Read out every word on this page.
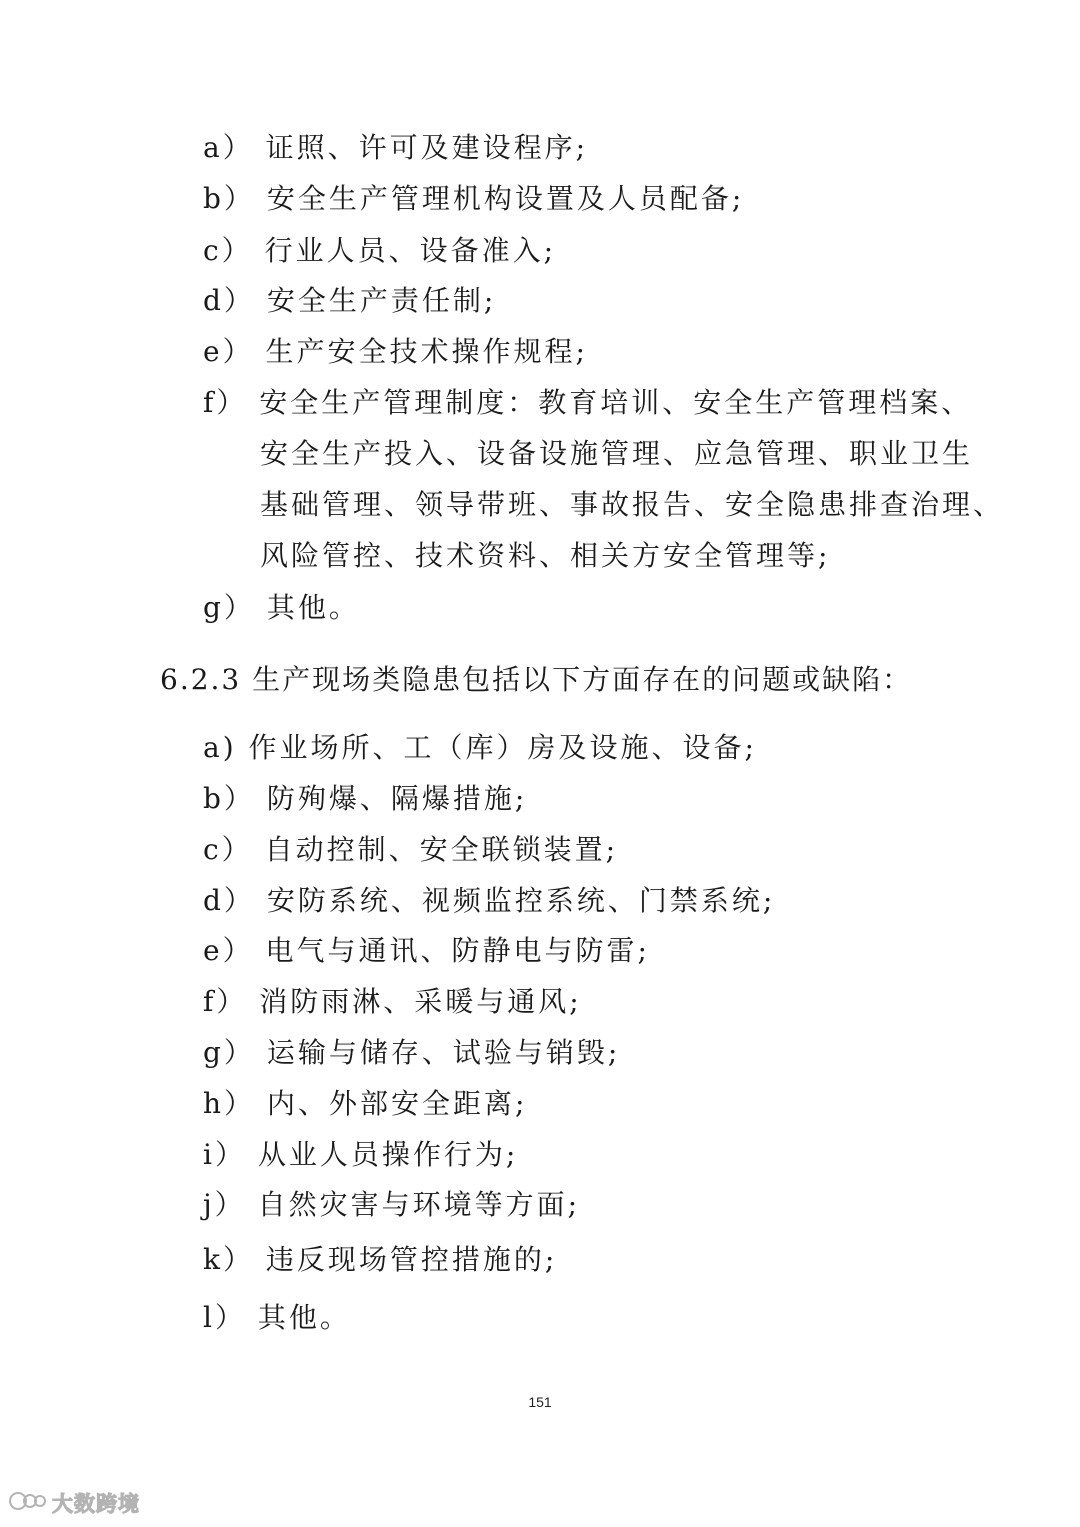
a） 证照、许可及建设程序;
b） 安全生产管理机构设置及人员配备;
c） 行业人员、设备准入;
d） 安全生产责任制;
e） 生产安全技术操作规程;
f） 安全生产管理制度：教育培训、安全生产管理档案、
安全生产投入、设备设施管理、应急管理、职业卫生
基础管理、领导带班、事故报告、安全隐患排查治理、
风险管控、技术资料、相关方安全管理等;
g） 其他。
6.2.3 生产现场类隐患包括以下方面存在的问题或缺陷：
a) 作业场所、工（库）房及设施、设备;
b） 防殉爆、隔爆措施;
c） 自动控制、安全联锁装置;
d） 安防系统、视频监控系统、门禁系统;
e） 电气与通讯、防静电与防雷;
f） 消防雨淋、采暖与通风;
g） 运输与储存、试验与销毁;
h） 内、外部安全距离;
i） 从业人员操作行为;
j） 自然灾害与环境等方面;
k） 违反现场管控措施的;
l） 其他。
151
大数跨境
